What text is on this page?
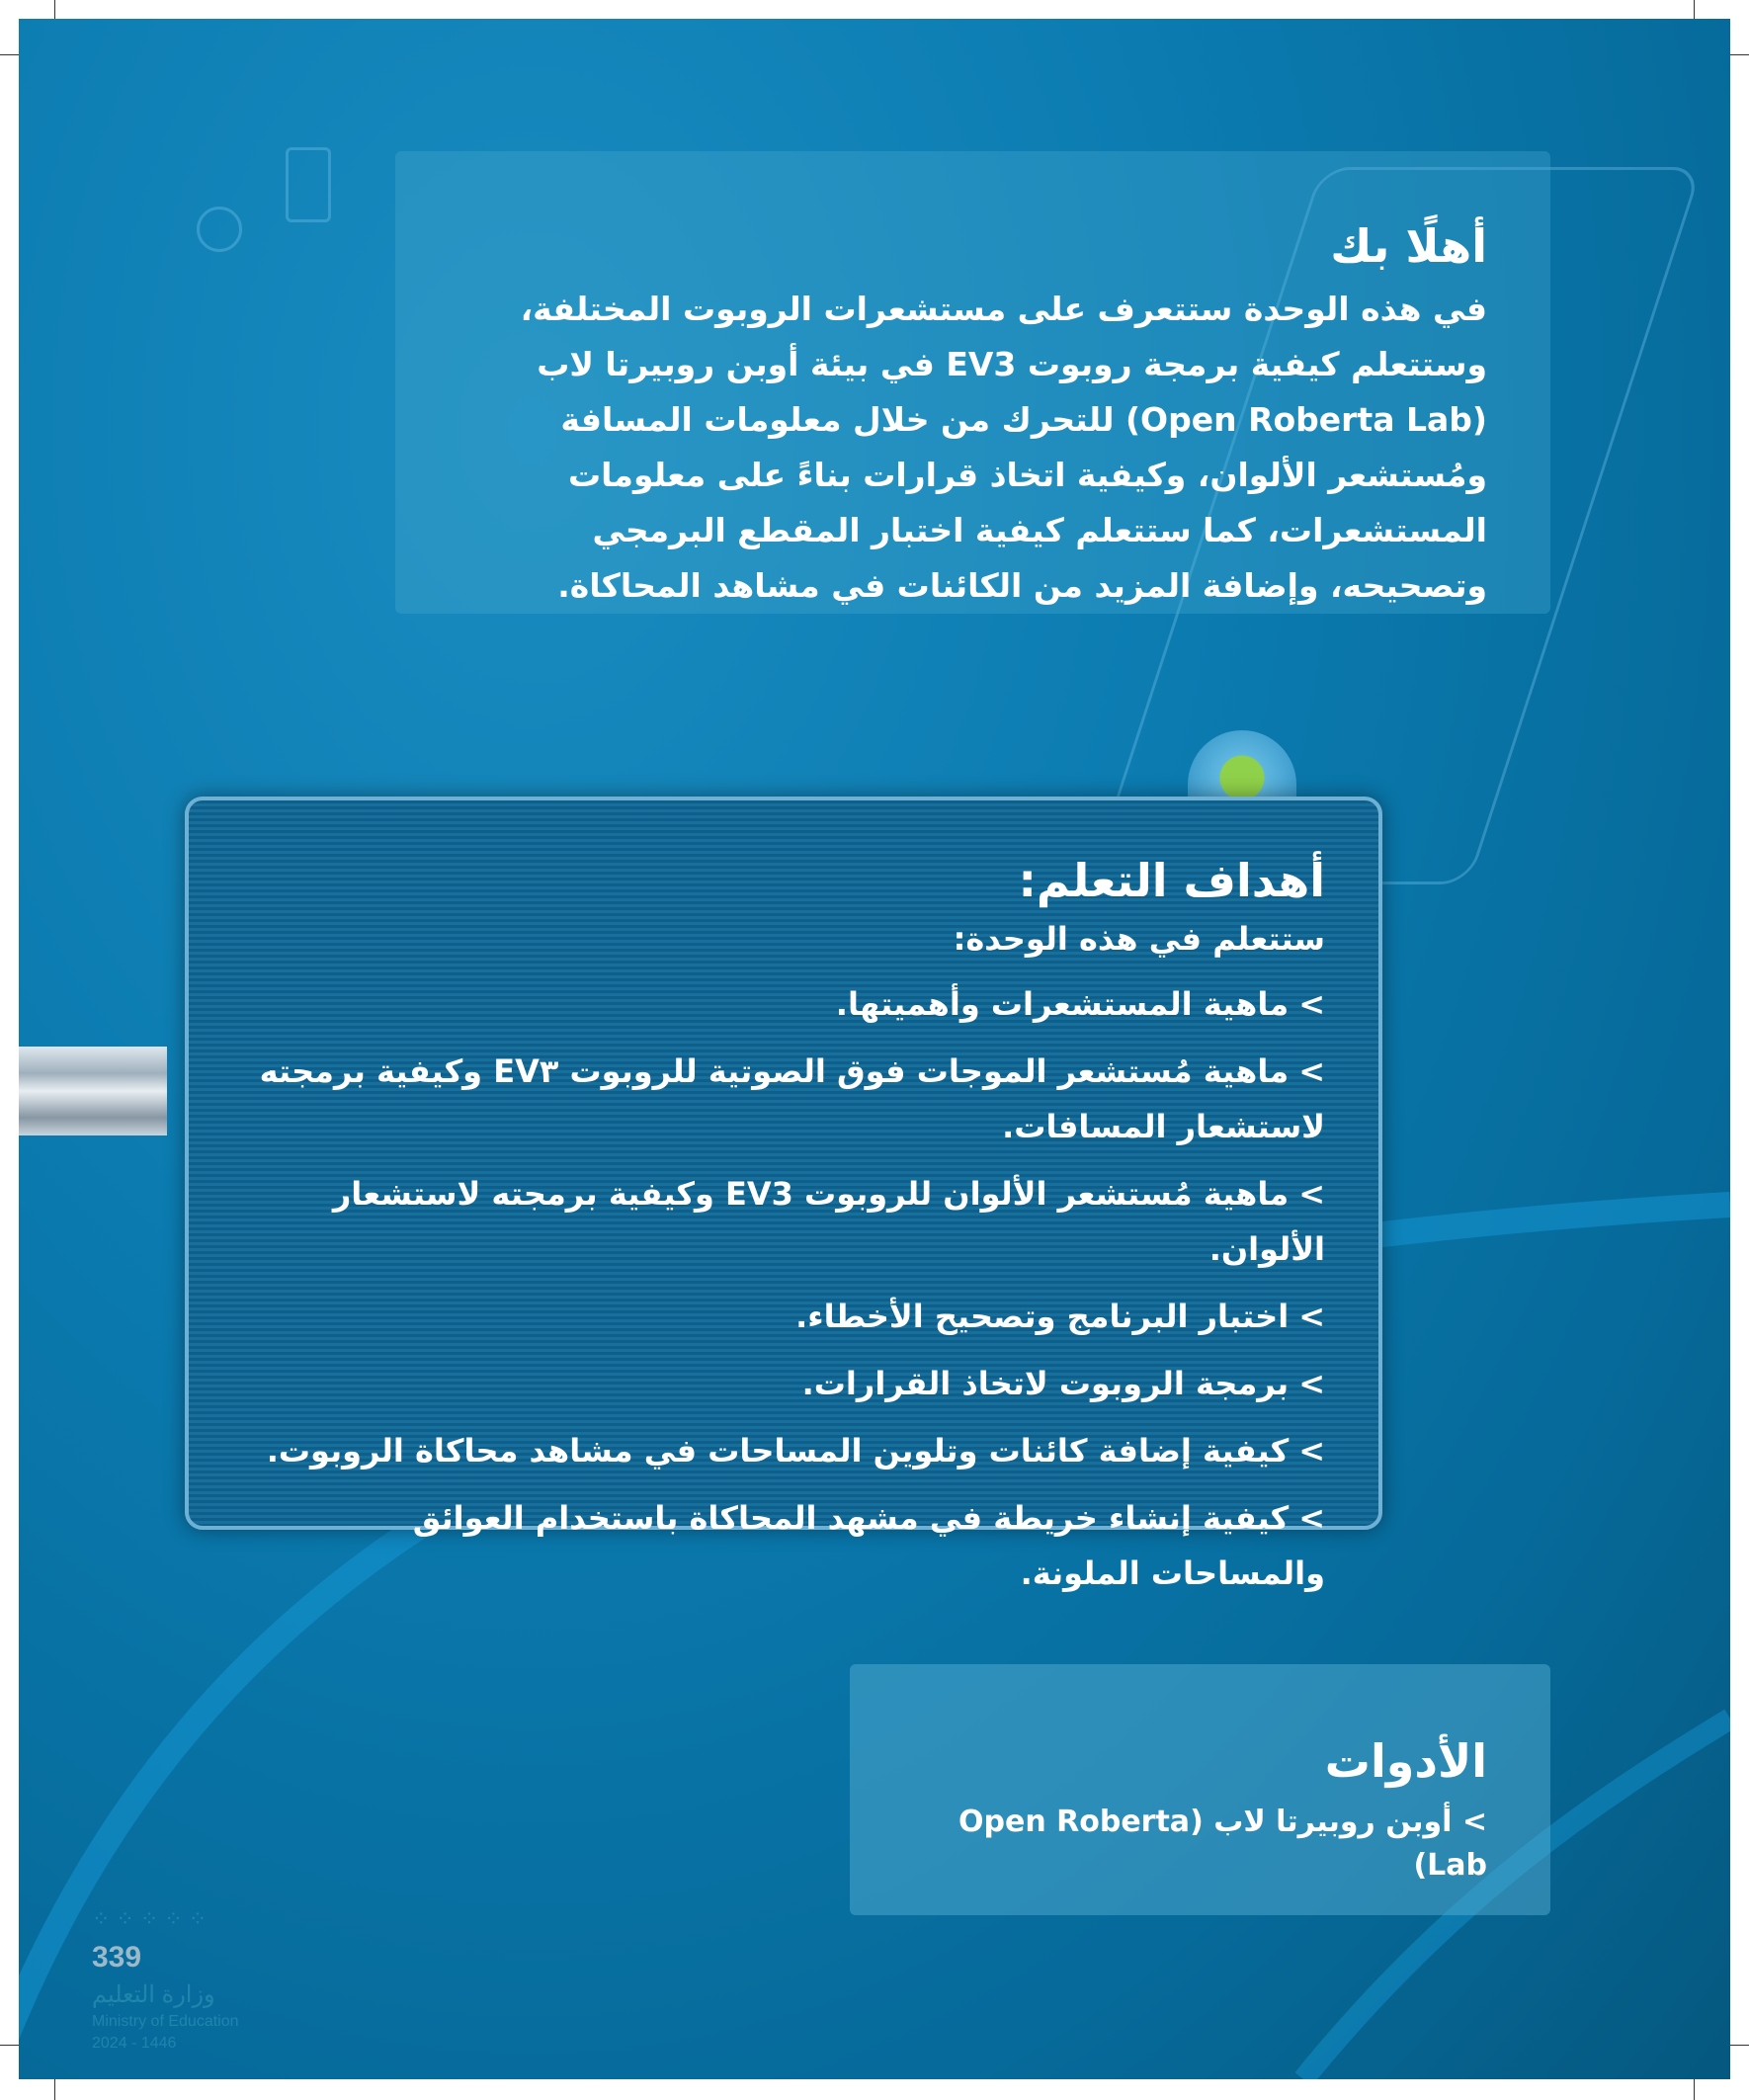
أهلًا بك

في هذه الوحدة ستتعرف على مستشعرات الروبوت المختلفة، وستتعلم كيفية برمجة روبوت EV3 في بيئة أوبن روبيرتا لاب (Open Roberta Lab) للتحرك من خلال معلومات المسافة ومُستشعر الألوان، وكيفية اتخاذ قرارات بناءً على معلومات المستشعرات، كما ستتعلم كيفية اختبار المقطع البرمجي وتصحيحه، وإضافة المزيد من الكائنات في مشاهد المحاكاة.

أهداف التعلم:
ستتعلم في هذه الوحدة:
>ماهية المستشعرات وأهميتها.
>ماهية مُستشعر الموجات فوق الصوتية للروبوت EV٣ وكيفية برمجته لاستشعار المسافات.
>ماهية مُستشعر الألوان للروبوت EV3 وكيفية برمجته لاستشعار الألوان.
>اختبار البرنامج وتصحيح الأخطاء.
>برمجة الروبوت لاتخاذ القرارات.
>كيفية إضافة كائنات وتلوين المساحات في مشاهد محاكاة الروبوت.
>كيفية إنشاء خريطة في مشهد المحاكاة باستخدام العوائق والمساحات الملونة.
الأدوات
> أوبن روبيرتا لاب (Open Roberta Lab)
⁘⁘⁘⁘⁘
339
وزارة التعليم
Ministry of Education
2024 - 1446
